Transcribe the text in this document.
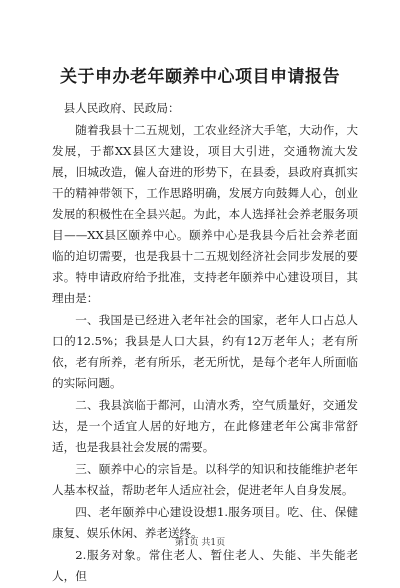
关于申办老年颐养中心项目申请报告

县人民政府、民政局：

随着我县十二五规划，工农业经济大手笔，大动作，大发展，于都XX县区大建设，项目大引进，交通物流大发展，旧城改造，僱人奋进的形势下，在县委，县政府真抓实干的精神带领下，工作思路明确，发展方向鼓舞人心，创业发展的积极性在全县兴起。为此，本人选择社会养老服务项目——XX县区颐养中心。颐养中心是我县今后社会养老面临的迫切需要，也是我县十二五规划经济社会同步发展的要求。特申请政府给予批准，支持老年颐养中心建设项目，其理由是：

一、我国是已经进入老年社会的国家，老年人口占总人口的12.5%；我县是人口大县，约有12万老年人；老有所依，老有所养，老有所乐，老无所忧，是每个老年人所面临的实际问题。

二、我县滨临于都河，山清水秀，空气质量好，交通发达，是一个适宜人居的好地方，在此修建老年公寓非常舒适，也是我县社会发展的需要。

三、颐养中心的宗旨是。以科学的知识和技能维护老年人基本权益，帮助老年人适应社会，促进老年人自身发展。

四、老年颐养中心建设设想1.服务项目。吃、住、保健康复、娱乐休闲、养老送终。

2.服务对象。常住老人、暂住老人、失能、半失能老人，但

第1页 共1页
